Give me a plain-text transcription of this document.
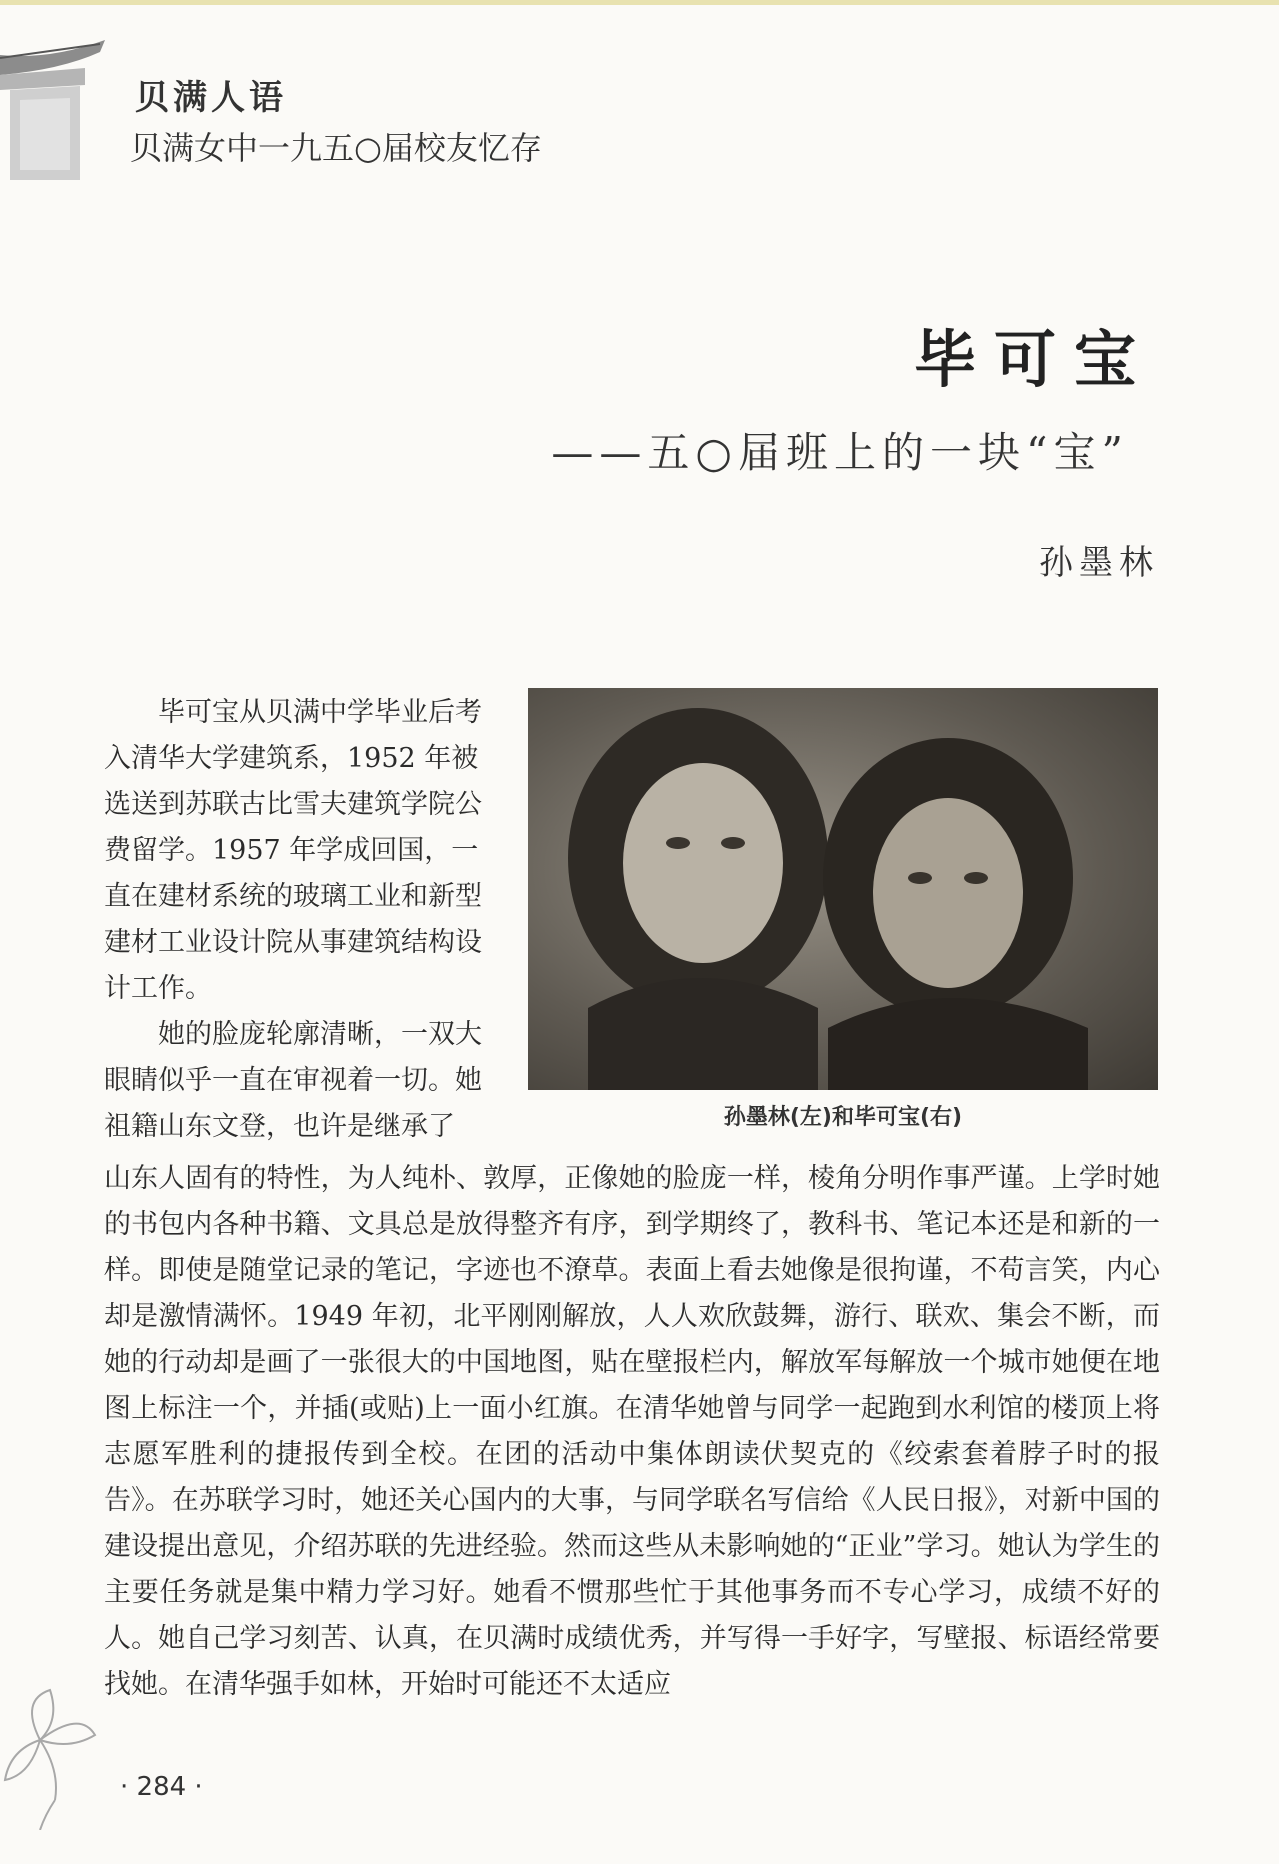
贝满人语
贝满女中一九五○届校友忆存
毕可宝
——五○届班上的一块“宝”
孙墨林

毕可宝从贝满中学毕业后考入清华大学建筑系，1952 年被选送到苏联古比雪夫建筑学院公费留学。1957 年学成回国，一直在建材系统的玻璃工业和新型建材工业设计院从事建筑结构设计工作。

她的脸庞轮廓清晰，一双大眼睛似乎一直在审视着一切。她祖籍山东文登，也许是继承了	孙墨林(左)和毕可宝(右)
山东人固有的特性，为人纯朴、敦厚，正像她的脸庞一样，棱角分明作事严谨。上学时她的书包内各种书籍、文具总是放得整齐有序，到学期终了，教科书、笔记本还是和新的一样。即使是随堂记录的笔记，字迹也不潦草。表面上看去她像是很拘谨，不苟言笑，内心却是激情满怀。1949 年初，北平刚刚解放，人人欢欣鼓舞，游行、联欢、集会不断，而她的行动却是画了一张很大的中国地图，贴在壁报栏内，解放军每解放一个城市她便在地图上标注一个，并插(或贴)上一面小红旗。在清华她曾与同学一起跑到水利馆的楼顶上将志愿军胜利的捷报传到全校。在团的活动中集体朗读伏契克的《绞索套着脖子时的报告》。在苏联学习时，她还关心国内的大事，与同学联名写信给《人民日报》，对新中国的建设提出意见，介绍苏联的先进经验。然而这些从未影响她的“正业”学习。她认为学生的主要任务就是集中精力学习好。她看不惯那些忙于其他事务而不专心学习，成绩不好的人。她自己学习刻苦、认真，在贝满时成绩优秀，并写得一手好字，写壁报、标语经常要找她。在清华强手如林，开始时可能还不太适应
· 284 ·
